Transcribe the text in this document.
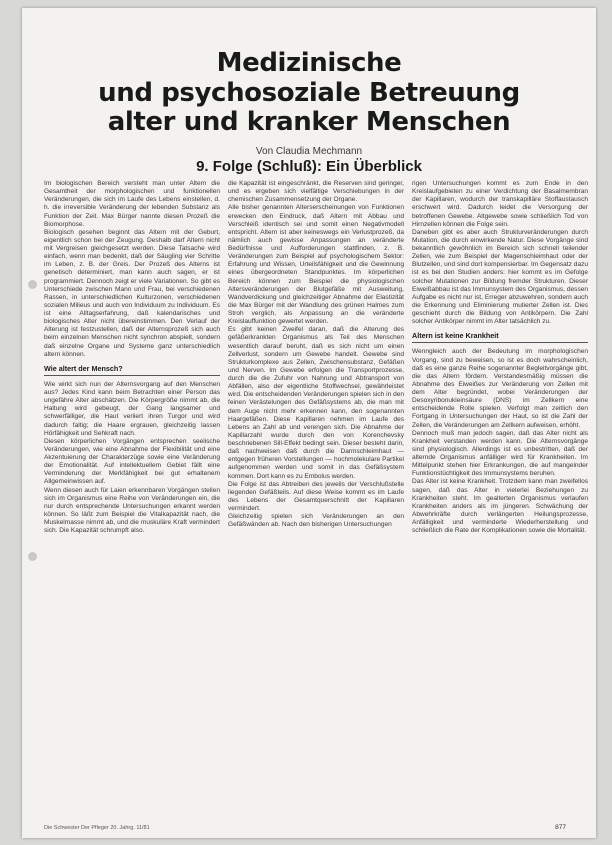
Medizinische
und psychosoziale Betreuung
alter und kranker Menschen
Von Claudia Mechmann
9. Folge (Schluß): Ein Überblick

Im biologischen Bereich versteht man unter Altern die Gesamtheit der morphologischen und funktionellen Veränderungen, die sich im Laufe des Lebens einstellen, d. h. die irreversible Veränderung der lebenden Substanz als Funktion der Zeit. Max Bürger nannte diesen Prozeß die Biomorphose.

Biologisch gesehen beginnt das Altern mit der Geburt, eigentlich schon bei der Zeugung. Deshalb darf Altern nicht mit Vergreisen gleichgesetzt werden. Diese Tatsache wird einfach, wenn man bedenkt, daß der Säugling vier Schritte im Leben, z. B. der Greis. Der Prozeß des Alterns ist genetisch determiniert, man kann auch sagen, er ist programmiert. Dennoch zeigt er viele Variationen. So gibt es Unterschiede zwischen Mann und Frau, bei verschiedenen Rassen, in unterschiedlichen Kulturzonen, verschiedenen sozialen Milieus und auch von Individuum zu Individuum. Es ist eine Alltagserfahrung, daß kalendarisches und biologisches Alter nicht übereinstimmen. Den Verlauf der Alterung ist festzustellen, daß der Alternsprozeß sich auch beim einzelnen Menschen nicht synchron abspielt, sondern daß einzelne Organe und Systeme ganz unterschiedlich altern können.

Wie altert der Mensch?

Wie wirkt sich nun der Alternsvorgang auf den Menschen aus? Jedes Kind kann beim Betrachten einer Person das ungefähre Alter abschätzen. Die Körpergröße nimmt ab, die Haltung wird gebeugt, der Gang langsamer und schwerfälliger, die Haut verliert ihren Turgor und wird dadurch faltig; die Haare ergrauen, gleichzeitig lassen Hörfähigkeit und Sehkraft nach.

Diesen körperlichen Vorgängen entsprechen seelische Veränderungen, wie eine Abnahme der Flexibilität und eine Akzentuierung der Charakterzüge sowie eine Veränderung der Emotionalität. Auf intellektuellem Gebiet fällt eine Verminderung der Merkfähigkeit bei gut erhaltenem Allgemeinwissen auf.

Wenn diesen auch für Laien erkennbaren Vorgängen stellen sich im Organismus eine Reihe von Veränderungen ein, die nur durch entsprechende Untersuchungen erkannt werden können. So läßt zum Beispiel die Vitalkapazität nach, die Muskelmasse nimmt ab, und die muskuläre Kraft vermindert sich. Die Kapazität schrumpft also.

die Kapazität ist eingeschränkt, die Reserven sind geringer, und es ergeben sich vielfältige Verschiebungen in der chemischen Zusammensetzung der Organe.

Alle bisher genannten Alterserscheinungen von Funktionen erwecken den Eindruck, daß Altern mit Abbau und Verschleiß identisch sei und somit einen Negativmodell entspricht. Altern ist aber keineswegs ein Verlustprozeß, da nämlich auch gewisse Anpassungen an veränderte Bedürfnisse und Aufforderungen stattfinden, z. B. Veränderungen zum Beispiel auf psychologischem Sektor: Erfahrung und Wissen, Urteilsfähigkeit und die Gewinnung eines übergeordneten Standpunktes. Im körperlichen Bereich können zum Beispiel die physiologischen Altersveränderungen der Blutgefäße mit Ausweitung, Wandverdickung und gleichzeitiger Abnahme der Elastizität die Max Bürger mit der Wandlung des grünen Halmes zum Stroh verglich, als Anpassung an die veränderte Kreislauffunktion gewertet werden.

Es gibt keinen Zweifel daran, daß die Alterung des gefäßerkrankten Organismus als Teil des Menschen wesentlich darauf beruht, daß es sich nicht um einen Zellverlust, sondern um Gewebe handelt. Gewebe sind Strukturkomplexe aus Zellen, Zwischensubstanz, Gefäßen und Nerven. Im Gewebe erfolgen die Transportprozesse, durch die die Zufuhr von Nahrung und Abtransport von Abfällen, also der eigentliche Stoffwechsel, gewährleistet wird. Die entscheidenden Veränderungen spielen sich in den feinen Verästelungen des Gefäßsystems ab, die man mit dem Auge nicht mehr erkennen kann, den sogenannten Haargefäßen. Diese Kapillaren nehmen im Laufe des Lebens an Zahl ab und verengen sich. Die Abnahme der Kapillarzahl wurde durch den von Korenchevsky beschriebenen Sill-Effekt bedingt sein. Dieser besteht darin, daß nachweisen daß durch die Darmschleimhaut — entgegen früheren Vorstellungen — hochmolekulare Partikel aufgenommen werden und somit in das Gefäßsystem kommen. Dort kann es zu Embolus werden.

Die Folge ist das Abtreiben des jeweils der Verschlußstelle liegenden Gefäßteils. Auf diese Weise kommt es im Laufe des Lebens der Gesamtquerschnitt der Kapillaren vermindert.

Gleichzeitig spielen sich Veränderungen an den Gefäßwänden ab. Nach den bisherigen Untersuchungen

rigen Untersuchungen kommt es zum Ende in den Kreislaufgebieten zu einer Verdichtung der Basalmembran der Kapillaren, wodurch der transkapilläre Stoffaustausch erschwert wird. Dadurch leidet die Versorgung der betroffenen Gewebe. Altgewebe sowie schließlich Tod von Hirnzellen können die Folge sein.

Daneben gibt es aber auch Strukturveränderungen durch Mutation, die durch einwirkende Natur. Diese Vorgänge sind bekanntlich gewöhnlich im Bereich sich schnell teilender Zellen, wie zum Beispiel der Magenschleimhaut oder der Blutzellen, und sind dort kompensierbar. Im Gegensatz dazu ist es bei den Studien anders: hier kommt es im Gefolge solcher Mutationen zur Bildung fremder Strukturen. Dieser Eiweißabbau ist das Immunsystem des Organismus, dessen Aufgabe es nicht nur ist, Erreger abzuwehren, sondern auch die Erkennung und Eliminierung mutierter Zellen ist. Dies geschieht durch die Bildung von Antikörpern. Die Zahl solcher Antikörper nimmt im Alter tatsächlich zu.

Altern ist keine Krankheit

Wenngleich auch der Bedeutung im morphologischen Vorgang, sind zu beweisen, so ist es doch wahrscheinlich, daß es eine ganze Reihe sogenannter Begleitvorgänge gibt, die das Altern fördern. Verstandesmäßig müssen die Abnahme des Eiweißes zur Veränderung von Zellen mit dem Alter begründet, wobei Veränderungen der Desoxyribonukleinsäure (DNS) im Zellkern eine entscheidende Rolle spielen. Verfolgt man zeitlich den Fortgang in Untersuchungen der Haut, so ist die Zahl der Zellen, die Veränderungen am Zellkern aufweisen, erhöht.

Dennoch muß man jedoch sagen, daß das Alter nicht als Krankheit verstanden werden kann. Die Alternsvorgänge sind physiologisch. Allerdings ist es unbestritten, daß der alternde Organismus anfälliger wird für Krankheiten. Im Mittelpunkt stehen hier Erkrankungen, die auf mangelnder Funktionstüchtigkeit des Immunsystems beruhen.

Das Alter ist keine Krankheit. Trotzdem kann man zweifellos sagen, daß das Alter in vielerlei Beziehungen zu Krankheiten steht. Im gealterten Organismus verlaufen Krankheiten anders als im jüngeren. Schwächung der Abwehrkräfte durch verlängerten Heilungsprozesse, Anfälligkeit und verminderte Wiederherstellung und schließlich die Rate der Komplikationen sowie die Mortalität.

Die Schwester Der Pfleger 20. Jahrg. 11/81	877
